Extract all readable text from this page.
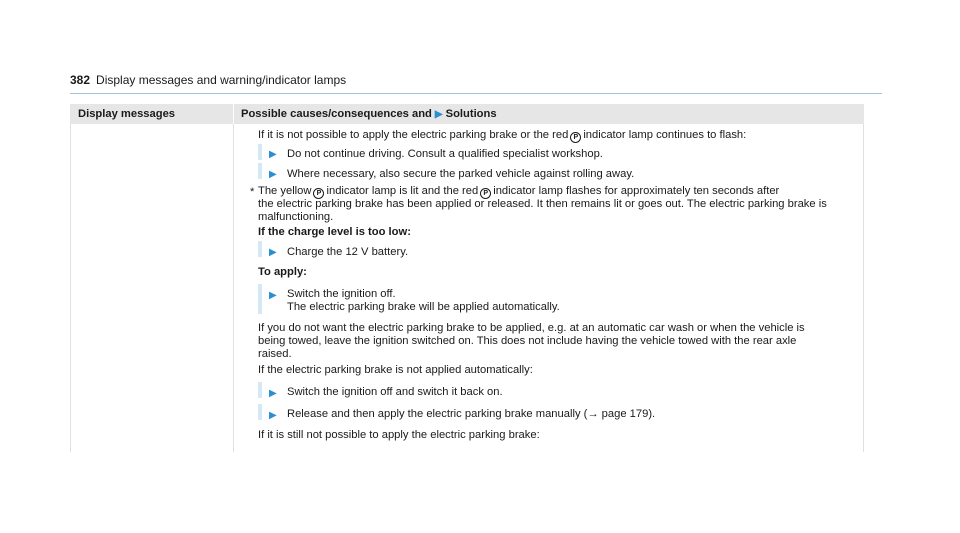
382 Display messages and warning/indicator lamps
Display messages	Possible causes/consequences and ▶ Solutions
If it is not possible to apply the electric parking brake or the red P indicator lamp continues to flash:
▶ Do not continue driving. Consult a qualified specialist workshop.
▶ Where necessary, also secure the parked vehicle against rolling away.
* The yellow P indicator lamp is lit and the red P indicator lamp flashes for approximately ten seconds after
the electric parking brake has been applied or released. It then remains lit or goes out. The electric parking brake is
malfunctioning.
If the charge level is too low:
▶ Charge the 12 V battery.
To apply:
▶ Switch the ignition off.
The electric parking brake will be applied automatically.
If you do not want the electric parking brake to be applied, e.g. at an automatic car wash or when the vehicle is
being towed, leave the ignition switched on. This does not include having the vehicle towed with the rear axle
raised.
If the electric parking brake is not applied automatically:
▶ Switch the ignition off and switch it back on.
▶ Release and then apply the electric parking brake manually (→ page 179).
If it is still not possible to apply the electric parking brake:
